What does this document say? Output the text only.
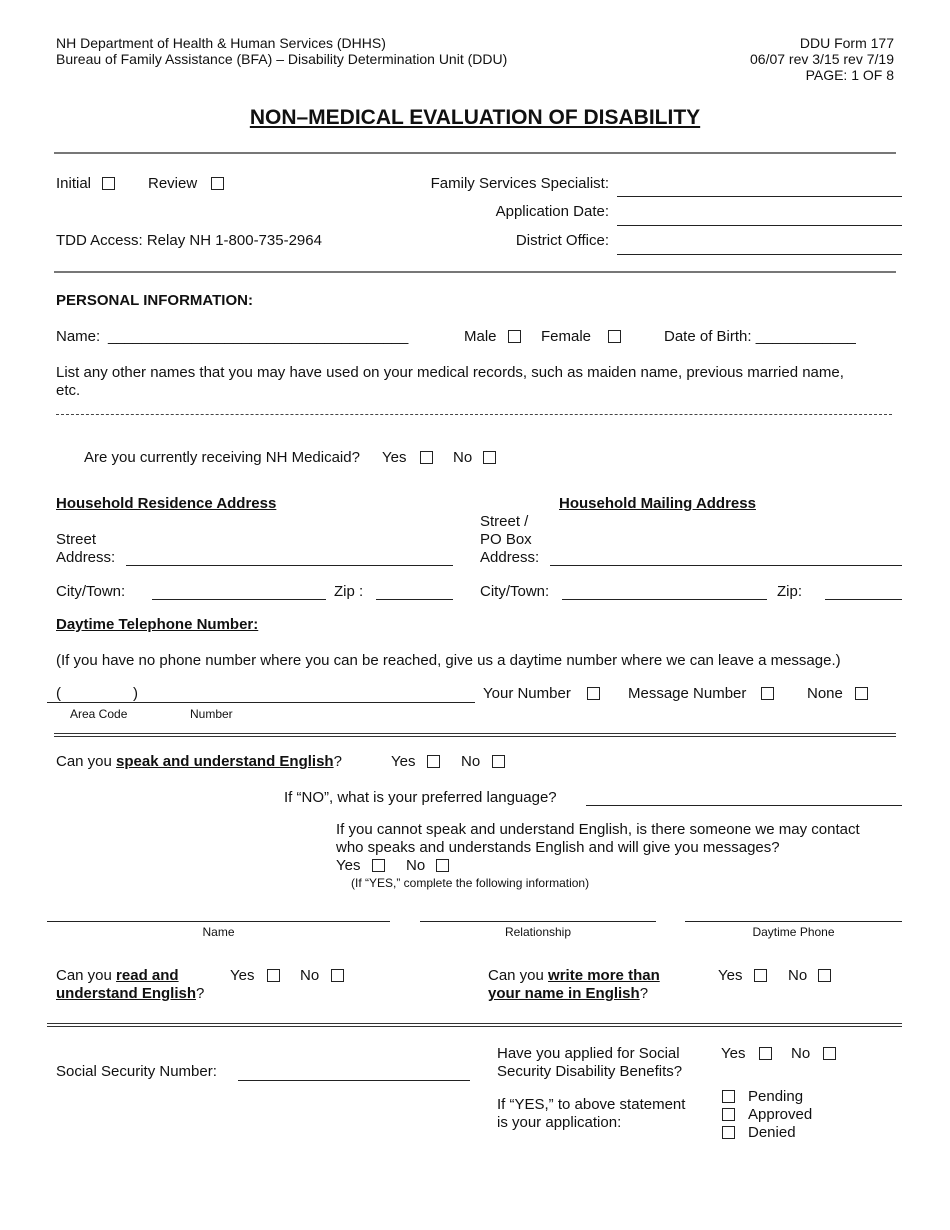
NH Department of Health & Human Services (DHHS)
Bureau of Family Assistance (BFA) – Disability Determination Unit (DDU)
DDU Form 177
06/07 rev 3/15 rev 7/19
PAGE: 1 OF 8
NON–MEDICAL EVALUATION OF DISABILITY
Initial	Review	Family Services Specialist:
Application Date:
TDD Access: Relay NH 1-800-735-2964	District Office:
PERSONAL INFORMATION:
Name: ____________________________________	Male	Female	Date of Birth: ____________
List any other names that you may have used on your medical records, such as maiden name, previous married name,
etc.
Are you currently receiving NH Medicaid? Yes	No
Household Residence Address	Household Mailing Address
Street
Address:
Street /
PO Box
Address:
City/Town:	Zip :	City/Town:	Zip:
Daytime Telephone Number:
(If you have no phone number where you can be reached, give us a daytime number where we can leave a message.)
(	)
Area Code	Number
Your Number	Message Number	None
Can you speak and understand English?	Yes	No
If “NO”, what is your preferred language?
If you cannot speak and understand English, is there someone we may contact
who speaks and understands English and will give you messages?
Yes	No
(If “YES,” complete the following information)
Name	Relationship	Daytime Phone
Can you read and
understand English?
Yes	No	Can you write more than
your name in English?
Yes	No
Social Security Number:
Have you applied for Social
Security Disability Benefits?
Yes	No
If “YES,” to above statement
is your application:
Pending
Approved
Denied
